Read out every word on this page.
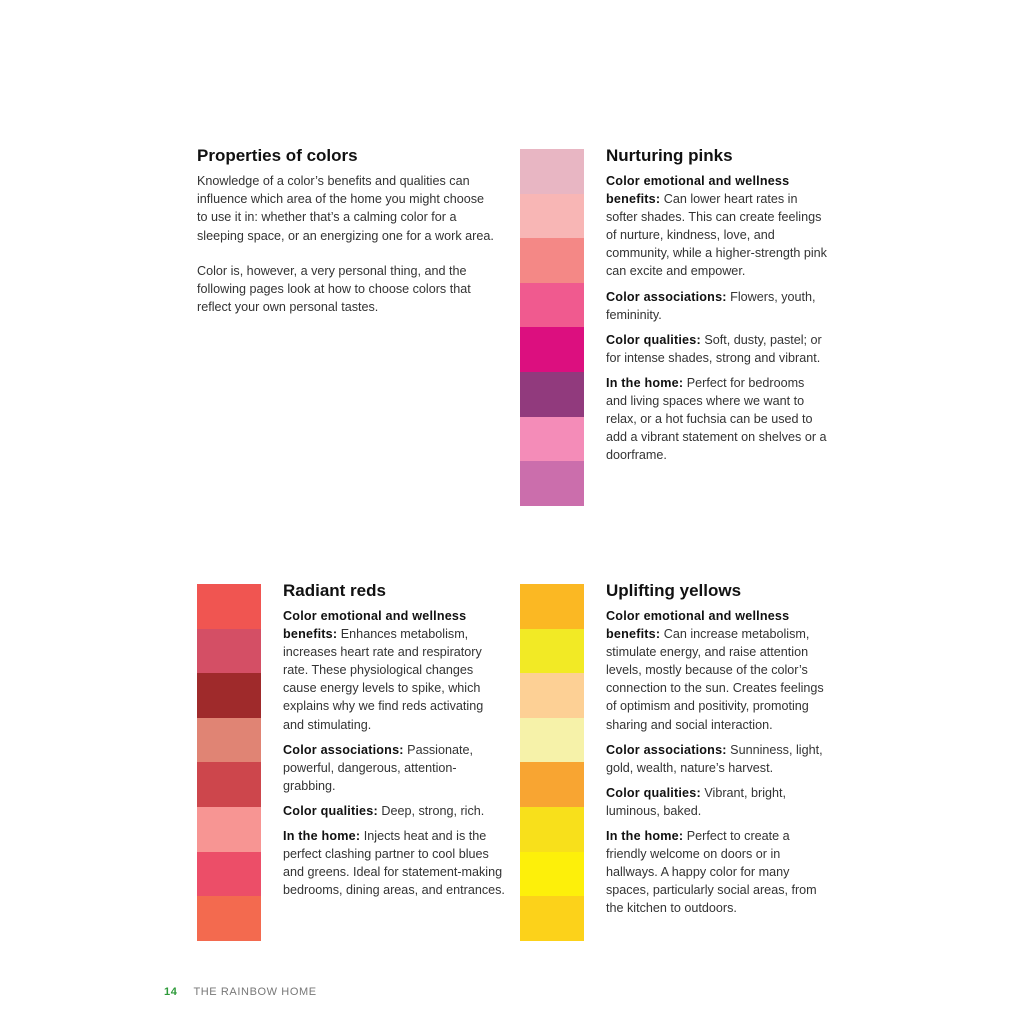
Properties of colors

Knowledge of a color’s benefits and qualities can influence which area of the home you might choose to use it in: whether that’s a calming color for a sleeping space, or an energizing one for a work area.

Color is, however, a very personal thing, and the following pages look at how to choose colors that reflect your own personal tastes.

Nurturing pinks

Color emotional and wellness benefits: Can lower heart rates in softer shades. This can create feelings of nurture, kindness, love, and community, while a higher-strength pink can excite and empower.

Color associations: Flowers, youth, femininity.

Color qualities: Soft, dusty, pastel; or for intense shades, strong and vibrant.

In the home: Perfect for bedrooms and living spaces where we want to relax, or a hot fuchsia can be used to add a vibrant statement on shelves or a doorframe.

Radiant reds

Color emotional and wellness benefits: Enhances metabolism, increases heart rate and respiratory rate. These physiological changes cause energy levels to spike, which explains why we find reds activating and stimulating.

Color associations: Passionate, powerful, dangerous, attention-grabbing.

Color qualities: Deep, strong, rich.

In the home: Injects heat and is the perfect clashing partner to cool blues and greens. Ideal for statement-making bedrooms, dining areas, and entrances.

Uplifting yellows

Color emotional and wellness benefits: Can increase metabolism, stimulate energy, and raise attention levels, mostly because of the color’s connection to the sun. Creates feelings of optimism and positivity, promoting sharing and social interaction.

Color associations: Sunniness, light, gold, wealth, nature’s harvest.

Color qualities: Vibrant, bright, luminous, baked.

In the home: Perfect to create a friendly welcome on doors or in hallways. A happy color for many spaces, particularly social areas, from the kitchen to outdoors.

14 THE RAINBOW HOME
